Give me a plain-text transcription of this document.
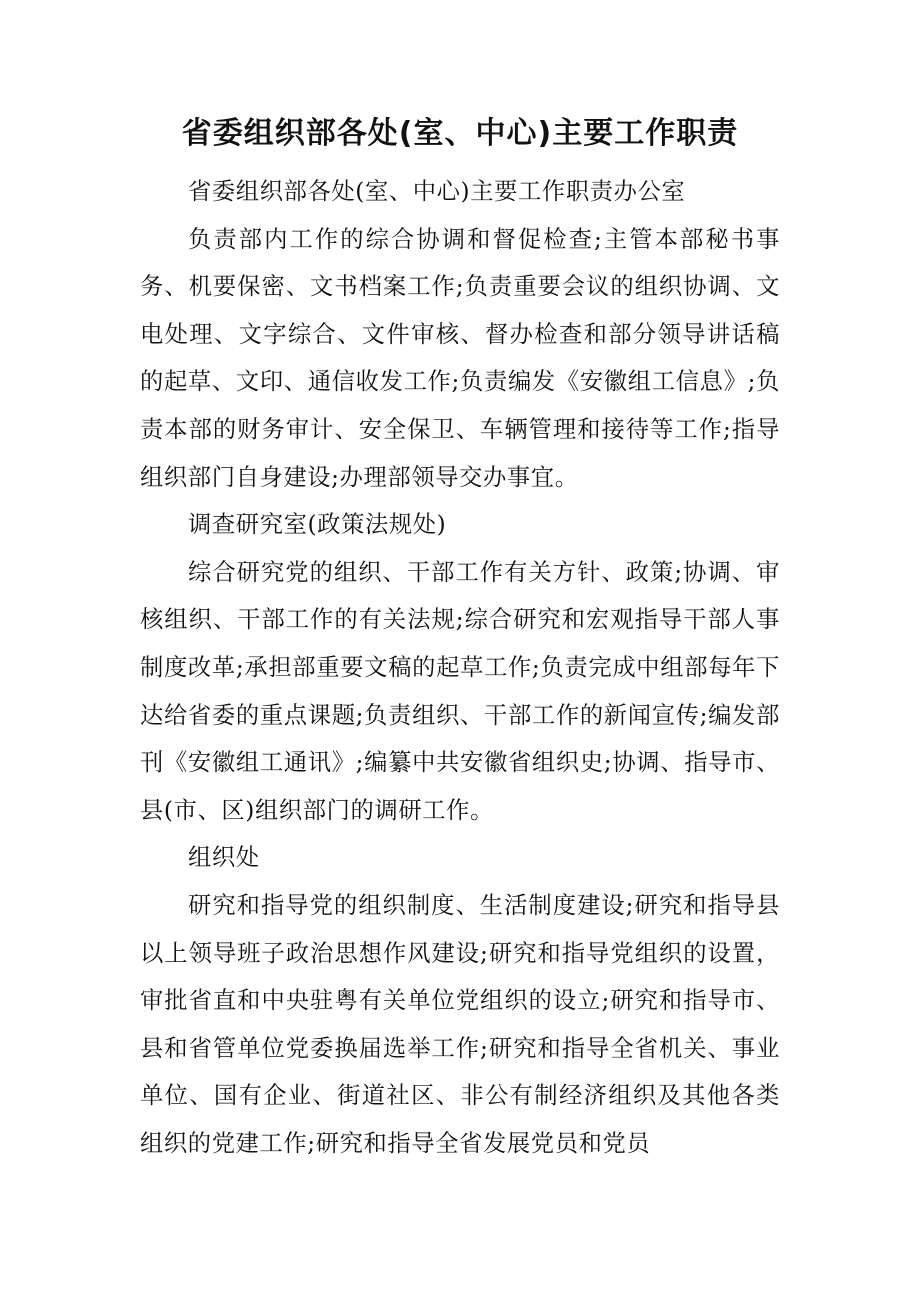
省委组织部各处(室、中心)主要工作职责

省委组织部各处(室、中心)主要工作职责办公室

负责部内工作的综合协调和督促检查;主管本部秘书事务、机要保密、文书档案工作;负责重要会议的组织协调、文电处理、文字综合、文件审核、督办检查和部分领导讲话稿的起草、文印、通信收发工作;负责编发《安徽组工信息》;负责本部的财务审计、安全保卫、车辆管理和接待等工作;指导组织部门自身建设;办理部领导交办事宜。

调查研究室(政策法规处)

综合研究党的组织、干部工作有关方针、政策;协调、审核组织、干部工作的有关法规;综合研究和宏观指导干部人事制度改革;承担部重要文稿的起草工作;负责完成中组部每年下达给省委的重点课题;负责组织、干部工作的新闻宣传;编发部刊《安徽组工通讯》;编纂中共安徽省组织史;协调、指导市、县(市、区)组织部门的调研工作。

组织处

研究和指导党的组织制度、生活制度建设;研究和指导县以上领导班子政治思想作风建设;研究和指导党组织的设置，审批省直和中央驻粤有关单位党组织的设立;研究和指导市、县和省管单位党委换届选举工作;研究和指导全省机关、事业单位、国有企业、街道社区、非公有制经济组织及其他各类组织的党建工作;研究和指导全省发展党员和党员
